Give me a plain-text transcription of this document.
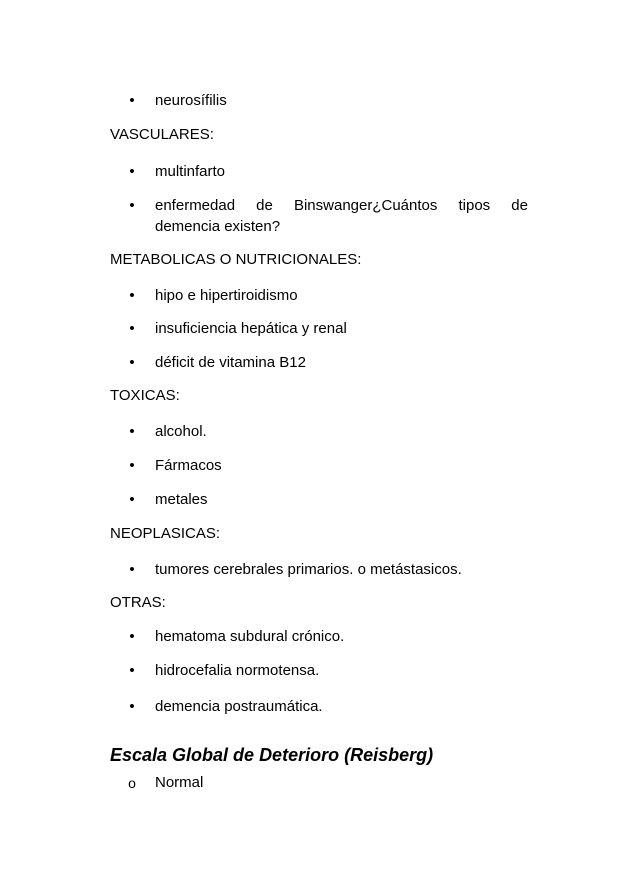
• neurosífilis
VASCULARES:
• multinfarto
• enfermedad de Binswanger¿Cuántos tipos de
demencia existen?
METABOLICAS O NUTRICIONALES:
• hipo e hipertiroidismo
• insuficiencia hepática y renal
• déficit de vitamina B12
TOXICAS:
• alcohol.
• Fármacos
• metales
NEOPLASICAS:
• tumores cerebrales primarios. o metástasicos.
OTRAS:
• hematoma subdural crónico.
• hidrocefalia normotensa.
• demencia postraumática.
Escala Global de Deterioro (Reisberg)
o Normal
